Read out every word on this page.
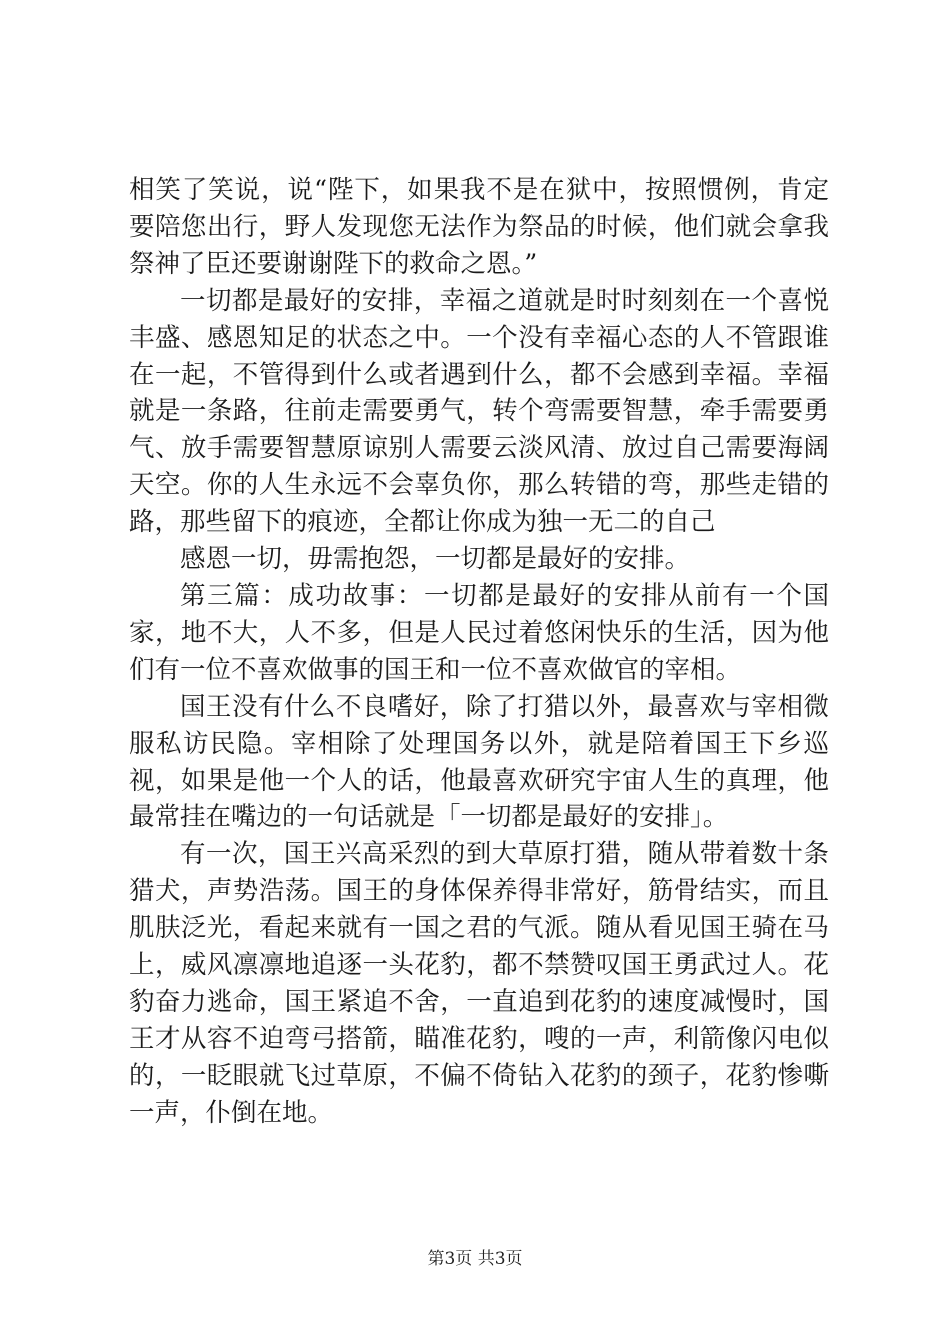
相笑了笑说，说“陛下，如果我不是在狱中，按照惯例，肯定要陪您出行，野人发现您无法作为祭品的时候，他们就会拿我祭神了臣还要谢谢陛下的救命之恩。”

一切都是最好的安排，幸福之道就是时时刻刻在一个喜悦丰盛、感恩知足的状态之中。一个没有幸福心态的人不管跟谁在一起，不管得到什么或者遇到什么，都不会感到幸福。幸福就是一条路，往前走需要勇气，转个弯需要智慧，牵手需要勇气、放手需要智慧原谅别人需要云淡风清、放过自己需要海阔天空。你的人生永远不会辜负你，那么转错的弯，那些走错的路，那些留下的痕迹，全都让你成为独一无二的自己

感恩一切，毋需抱怨，一切都是最好的安排。

第三篇：成功故事：一切都是最好的安排从前有一个国家，地不大，人不多，但是人民过着悠闲快乐的生活，因为他们有一位不喜欢做事的国王和一位不喜欢做官的宰相。

国王没有什么不良嗜好，除了打猎以外，最喜欢与宰相微服私访民隐。宰相除了处理国务以外，就是陪着国王下乡巡视，如果是他一个人的话，他最喜欢研究宇宙人生的真理，他最常挂在嘴边的一句话就是「一切都是最好的安排」。

有一次，国王兴高采烈的到大草原打猎，随从带着数十条猎犬，声势浩荡。国王的身体保养得非常好，筋骨结实，而且肌肤泛光，看起来就有一国之君的气派。随从看见国王骑在马上，威风凛凛地追逐一头花豹，都不禁赞叹国王勇武过人。花豹奋力逃命，国王紧追不舍，一直追到花豹的速度减慢时，国王才从容不迫弯弓搭箭，瞄准花豹，嗖的一声，利箭像闪电似的，一眨眼就飞过草原，不偏不倚钻入花豹的颈子，花豹惨嘶一声，仆倒在地。

第3页 共3页
